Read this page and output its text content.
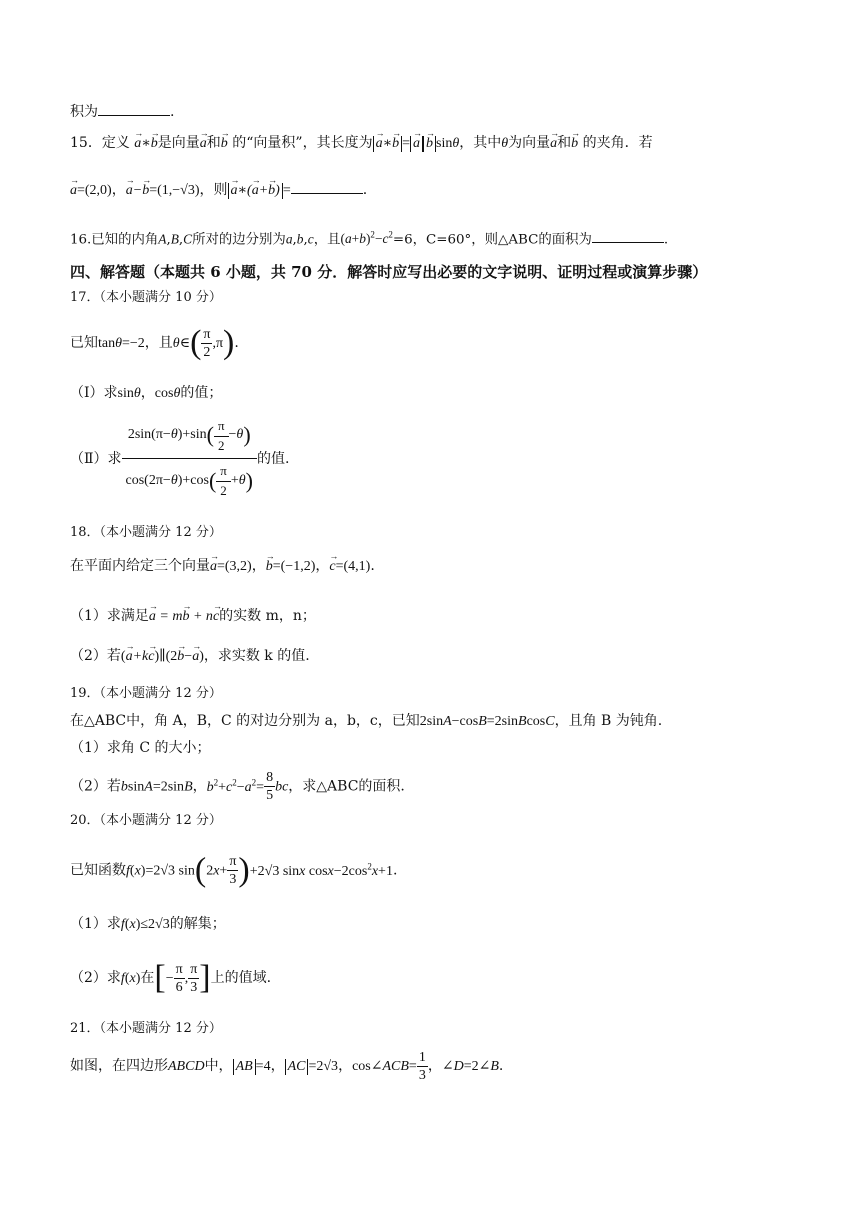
积为	.
15．定义 → a∗→ b是向量→ a和→ b 的“向量积”，其长度为 → a∗→ b = → a → b sinθ，其中θ为向量→ a和→ b 的夹角．若
→ a=(2,0)，→ a−→ b=(1,−√3)，则 → a∗(→ a+→ b) =	.
16.已知的内角A,B,C所对的边分别为a,b,c，且$(a+b)^2-c^2=6$，C=60°，则△ABC的面积为	.
四、解答题（本题共 6 小题，共 70 分．解答时应写出必要的文字说明、证明过程或演算步骤）
17．（本小题满分 10 分）
已知tanθ=−2，且θ∈( $\frac{\pi}{2} ,\pi$).
（Ⅰ）求sinθ，cosθ的值；
（Ⅱ）求 $\frac{2\sin(\pi-\theta)+\sin( \frac{\pi}{2} -\theta)}{\cos(2\pi-\theta)+\cos( \frac{\pi}{2} +\theta)}$ 的值.
18．（本小题满分 12 分）
在平面内给定三个向量→ a=(3,2)，→ b=(−1,2)，→ c=(4,1).
（1）求满足→ a = m→ b + n→ c的实数 m，n；
（2）若(→ a+k→ c)∥(2→ b−→ a)，求实数 k 的值.
19．（本小题满分 12 分）
在△ABC中，角 A，B，C 的对边分别为 a，b，c，已知2sinA−cosB=2sinBcosC，且角 B 为钝角.
（1）求角 C 的大小；
（2）若bsinA=2sinB，$b^2+c^2-a^2= \frac{8}{5}$ bc，求△ABC的面积.
20．（本小题满分 12 分）
已知函数f(x)=2√3 $\sin(2x+ \frac{\pi}{3} )+2√3$ sinx $\cos x-2\cos^2x+1$.
（1）求f(x)≤2√3的解集；
（2）求f(x)在[− $\frac{\pi}{6}$ , $\frac{\pi}{3}$ ]上的值域.
21．（本小题满分 12 分）
如图，在四边形ABCD中， AB =4， AC =2√3，cos∠ACB= $\frac{1}{3}$ ，∠D=2∠B.
